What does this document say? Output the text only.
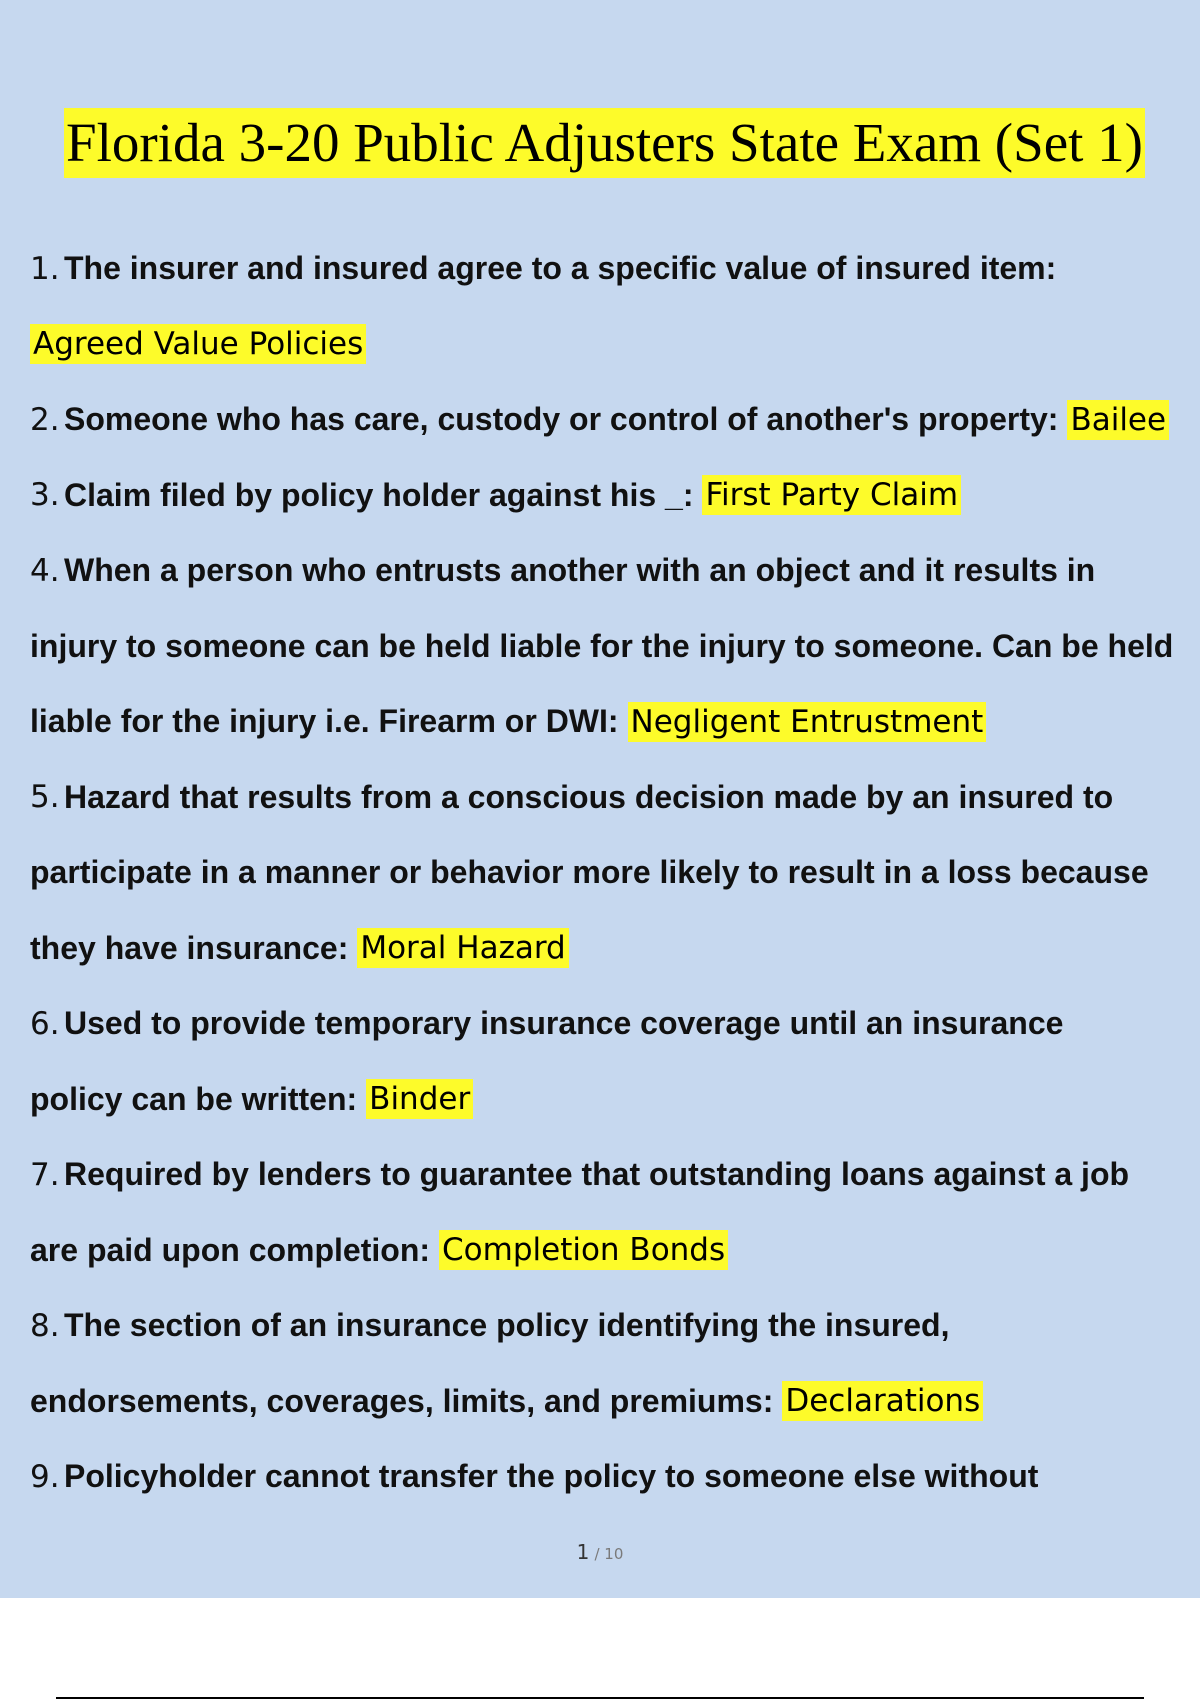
Florida 3-20 Public Adjusters State Exam (Set 1)
1. The insurer and insured agree to a specific value of insured item:
Agreed Value Policies
2. Someone who has care, custody or control of another's property: Bailee
3. Claim filed by policy holder against his _: First Party Claim
4. When a person who entrusts another with an object and it results in
injury to someone can be held liable for the injury to someone. Can be held
liable for the injury i.e. Firearm or DWI: Negligent Entrustment
5. Hazard that results from a conscious decision made by an insured to
participate in a manner or behavior more likely to result in a loss because
they have insurance: Moral Hazard
6. Used to provide temporary insurance coverage until an insurance
policy can be written: Binder
7. Required by lenders to guarantee that outstanding loans against a job
are paid upon completion: Completion Bonds
8. The section of an insurance policy identifying the insured,
endorsements, coverages, limits, and premiums: Declarations
9. Policyholder cannot transfer the policy to someone else without
1 / 10
